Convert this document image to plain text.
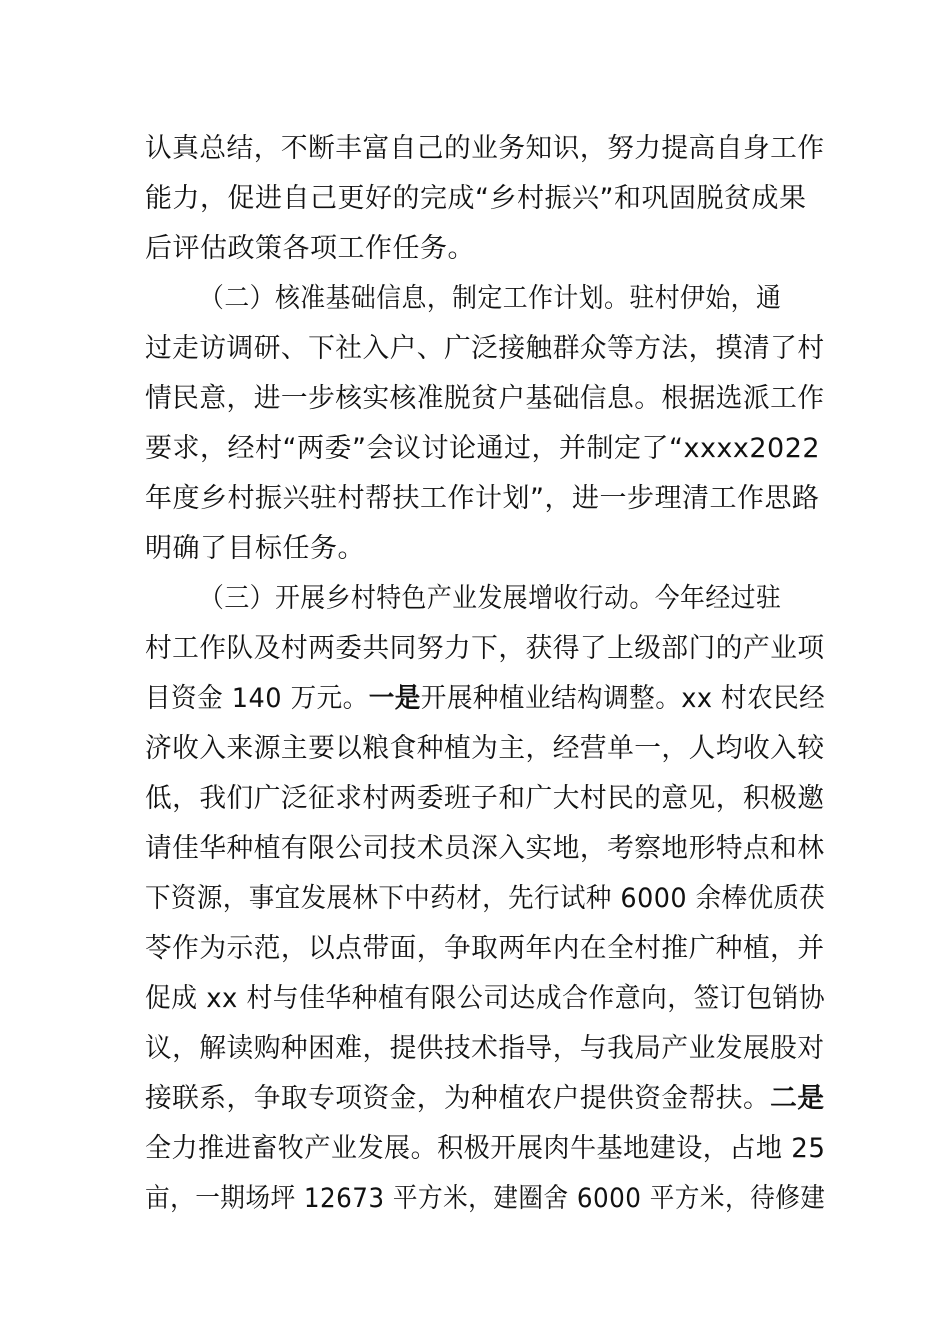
认真总结，不断丰富自己的业务知识，努力提高自身工作
能力，促进自己更好的完成“乡村振兴”和巩固脱贫成果
后评估政策各项工作任务。
（二）核准基础信息，制定工作计划。驻村伊始，通
过走访调研、下社入户、广泛接触群众等方法，摸清了村
情民意，进一步核实核准脱贫户基础信息。根据选派工作
要求，经村“两委”会议讨论通过，并制定了“xxxx2022
年度乡村振兴驻村帮扶工作计划”，进一步理清工作思路
明确了目标任务。
（三）开展乡村特色产业发展增收行动。今年经过驻
村工作队及村两委共同努力下，获得了上级部门的产业项
目资金 140 万元。一是开展种植业结构调整。xx 村农民经
济收入来源主要以粮食种植为主，经营单一，人均收入较
低，我们广泛征求村两委班子和广大村民的意见，积极邀
请佳华种植有限公司技术员深入实地，考察地形特点和林
下资源，事宜发展林下中药材，先行试种 6000 余棒优质茯
苓作为示范，以点带面，争取两年内在全村推广种植，并
促成 xx 村与佳华种植有限公司达成合作意向，签订包销协
议，解读购种困难，提供技术指导，与我局产业发展股对
接联系，争取专项资金，为种植农户提供资金帮扶。二是
全力推进畜牧产业发展。积极开展肉牛基地建设，占地 25
亩，一期场坪 12673 平方米，建圈舍 6000 平方米，待修建
